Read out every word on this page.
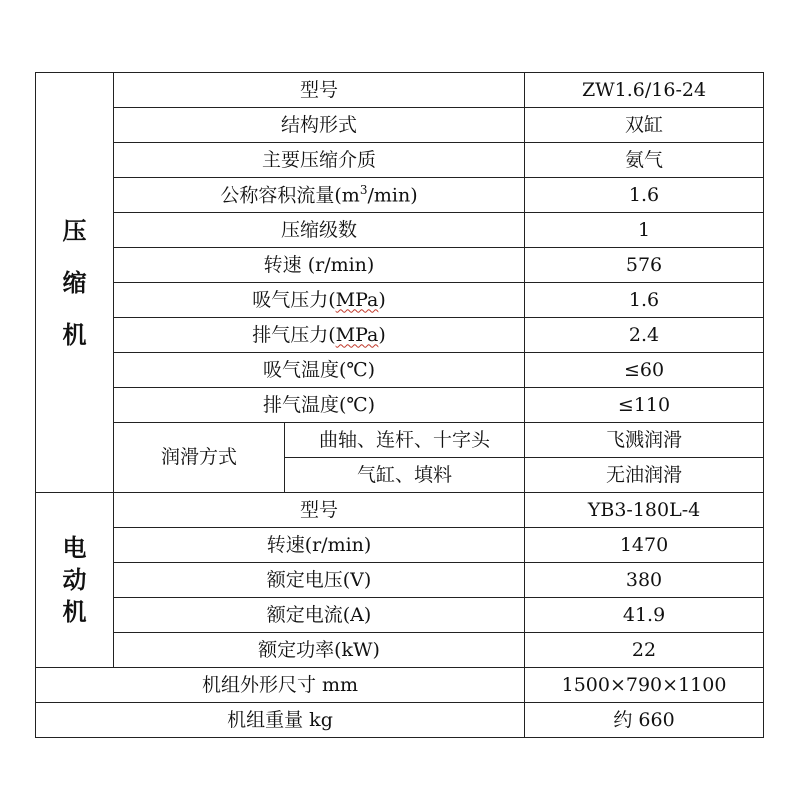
压
缩
机	型号		ZW1.6/16-24
	结构形式		双缸
	主要压缩介质		氨气
	公称容积流量$(m^3/\min)$		1.6
	压缩级数		1
	转速 (r/min)		576
	吸气压力(MPa)		1.6
	排气压力(MPa)		2.4
	吸气温度(℃)		≤60
	排气温度(℃)		≤110
	润滑方式	曲轴、连杆、十字头	飞溅润滑
		气缸、填料	无油润滑

电
动
机	型号		YB3-180L-4
	转速(r/min)		1470
	额定电压(V)		380
	额定电流(A)		41.9
	额定功率(kW)		22
机组外形尺寸 mm			1500×790×1100
机组重量 kg			约 660
